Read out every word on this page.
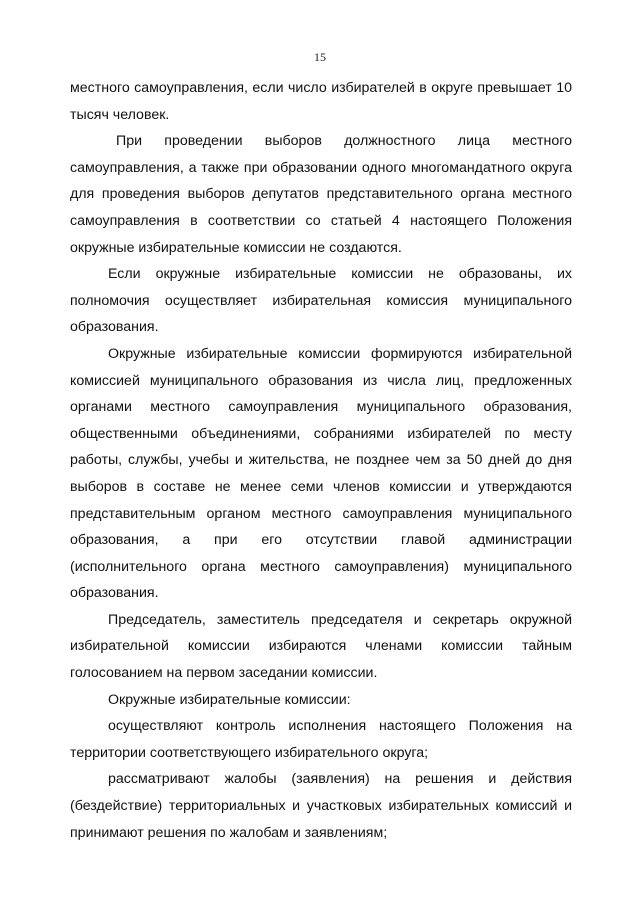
15

местного самоуправления, если число избирателей в округе превышает 10 тысяч человек.

При проведении выборов должностного лица местного самоуправления, а также при образовании одного многомандатного округа для проведения выборов депутатов представительного органа местного самоуправления в соответствии со статьей 4 настоящего Положения окружные избирательные комиссии не создаются.

Если окружные избирательные комиссии не образованы, их полномочия осуществляет избирательная комиссия муниципального образования.

Окружные избирательные комиссии формируются избирательной комиссией муниципального образования из числа лиц, предложенных органами местного самоуправления муниципального образования, общественными объединениями, собраниями избирателей по месту работы, службы, учебы и жительства, не позднее чем за 50 дней до дня выборов в составе не менее семи членов комиссии и утверждаются представительным органом местного самоуправления муниципального образования, а при его отсутствии главой администрации (исполнительного органа местного самоуправления) муниципального образования.

Председатель, заместитель председателя и секретарь окружной избирательной комиссии избираются членами комиссии тайным голосованием на первом заседании комиссии.

Окружные избирательные комиссии:

осуществляют контроль исполнения настоящего Положения на территории соответствующего избирательного округа;

рассматривают жалобы (заявления) на решения и действия (бездействие) территориальных и участковых избирательных комиссий и принимают решения по жалобам и заявлениям;
